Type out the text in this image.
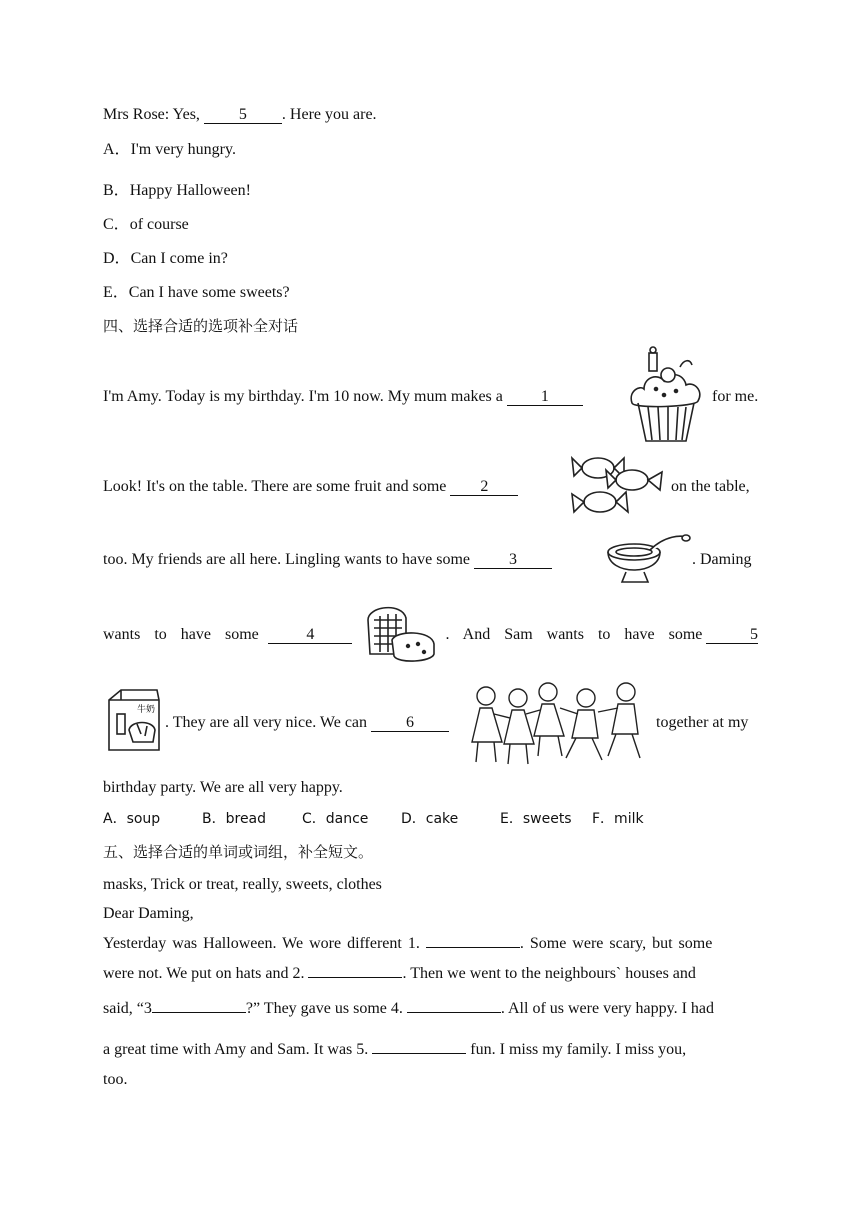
Mrs Rose: Yes, 5 . Here you are.
A．I'm very hungry.
B．Happy Halloween!
C．of course
D．Can I come in?
E．Can I have some sweets?
四、选择合适的选项补全对话
I'm Amy. Today is my birthday. I'm 10 now. My mum makes a 1	for me.
Look! It's on the table. There are some fruit and some 2	on the table,
too. My friends are all here. Lingling wants to have some 3	. Daming
wants to have some	4	. And Sam wants to have some	5
. They are all very nice. We can 6	together at my
牛奶
birthday party. We are all very happy.
A．soup	B．bread	C．dance D．cake	E．sweets F．milk
五、选择合适的单词或词组，补全短文。
masks, Trick or treat, really, sweets, clothes
Dear Daming,
Yesterday was Halloween. We wore different 1.	. Some were scary, but some
were not. We put on hats and 2.	. Then we went to the neighbours` houses and
said, “3	?” They gave us some 4.	. All of us were very happy. I had
a great time with Amy and Sam. It was 5.	fun. I miss my family. I miss you,
too.
